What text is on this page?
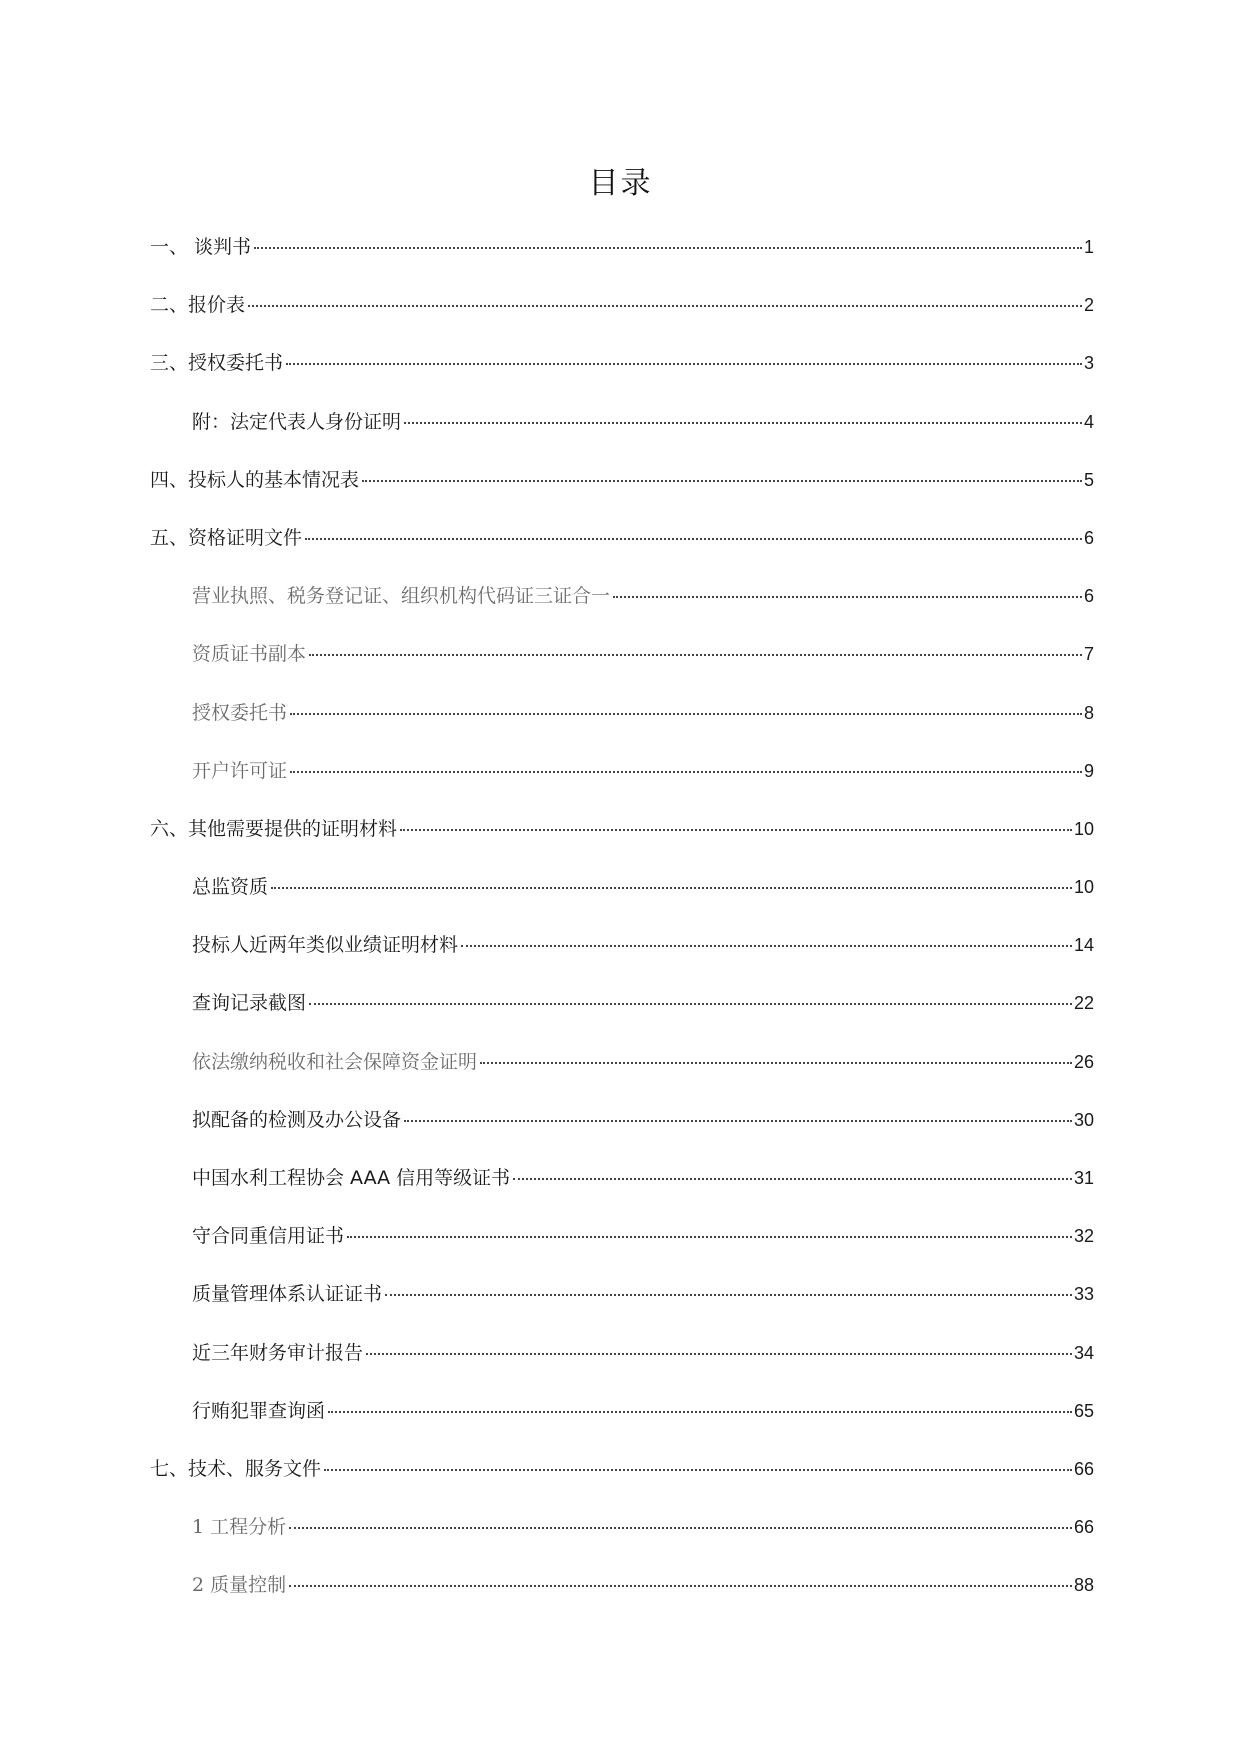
目录
一、 谈判书	1
二、报价表	2
三、授权委托书	3
附：法定代表人身份证明	4
四、投标人的基本情况表	5
五、资格证明文件	6
营业执照、税务登记证、组织机构代码证三证合一	6
资质证书副本	7
授权委托书	8
开户许可证	9
六、其他需要提供的证明材料	10
总监资质	10
投标人近两年类似业绩证明材料	14
查询记录截图	22
依法缴纳税收和社会保障资金证明	26
拟配备的检测及办公设备	30
中国水利工程协会 AAA 信用等级证书	31
守合同重信用证书	32
质量管理体系认证证书	33
近三年财务审计报告	34
行贿犯罪查询函	65
七、技术、服务文件	66
1 工程分析	66
2 质量控制	88
